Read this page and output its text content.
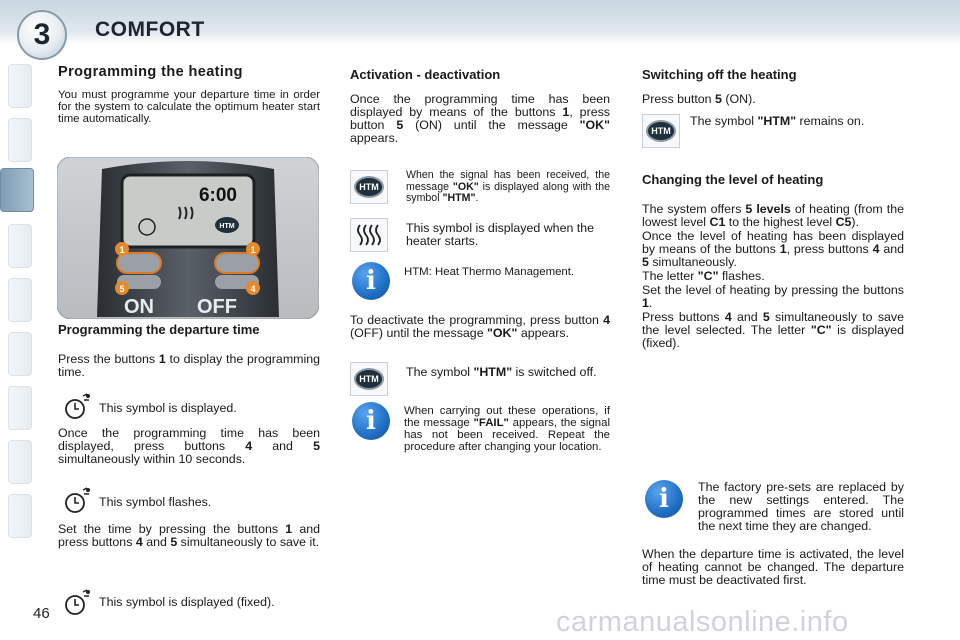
3 COMFORT
46

Programming the heating

You must programme your departure time in order for the system to calculate the optimum heater start time automatically.

HTM
6:00
ON OFF
1	1
5	4

Programming the departure time

Press the buttons 1 to display the programming time.

This symbol is displayed.
Once the programming time has been displayed, press buttons 4 and 5 simultaneously within 10 seconds.
This symbol flashes.
Set the time by pressing the buttons 1 and press buttons 4 and 5 simultaneously to save it.
This symbol is displayed (fixed).

Activation - deactivation

Once the programming time has been displayed by means of the buttons 1, press button 5 (ON) until the message "OK" appears.

HTM
When the signal has been received, the message "OK" is displayed along with the symbol "HTM".
This symbol is displayed when the heater starts.
i	HTM: Heat Thermo Management.
To deactivate the programming, press button 4 (OFF) until the message "OK" appears.
HTM	The symbol "HTM" is switched off.
i	When carrying out these operations, if the message "FAIL" appears, the signal has not been received. Repeat the procedure after changing your location.

Switching off the heating

Press button 5 (ON).

HTM
The symbol "HTM" remains on.

Changing the level of heating

The system offers 5 levels of heating (from the lowest level C1 to the highest level C5).

Once the level of heating has been displayed by means of the buttons 1, press buttons 4 and 5 simultaneously.

The letter "C" flashes.

Set the level of heating by pressing the buttons 1.

Press buttons 4 and 5 simultaneously to save the level selected. The letter "C" is displayed (fixed).

i	The factory pre-sets are replaced by the new settings entered. The programmed times are stored until the next time they are changed.
When the departure time is activated, the level of heating cannot be changed. The departure time must be deactivated first.
carmanualsonline.info
